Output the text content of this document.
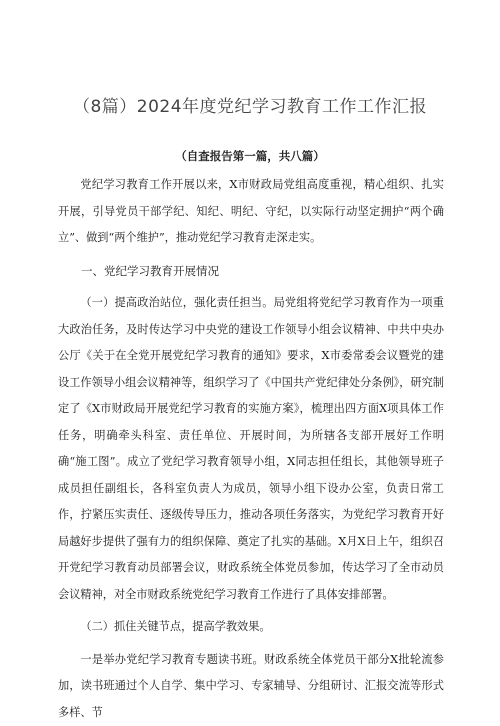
（8篇）2024年度党纪学习教育工作工作汇报
（自查报告第一篇，共八篇）

党纪学习教育工作开展以来，X市财政局党组高度重视，精心组织、扎实开展，引导党员干部学纪、知纪、明纪、守纪，以实际行动坚定拥护“两个确立”、做到“两个维护”，推动党纪学习教育走深走实。

一、党纪学习教育开展情况

（一）提高政治站位，强化责任担当。局党组将党纪学习教育作为一项重大政治任务，及时传达学习中央党的建设工作领导小组会议精神、中共中央办公厅《关于在全党开展党纪学习教育的通知》要求，X市委常委会议暨党的建设工作领导小组会议精神等，组织学习了《中国共产党纪律处分条例》，研究制定了《X市财政局开展党纪学习教育的实施方案》，梳理出四方面X项具体工作任务，明确牵头科室、责任单位、开展时间，为所辖各支部开展好工作明确“施工图”。成立了党纪学习教育领导小组，X同志担任组长，其他领导班子成员担任副组长，各科室负责人为成员，领导小组下设办公室，负责日常工作，拧紧压实责任、逐级传导压力，推动各项任务落实，为党纪学习教育开好局越好步提供了强有力的组织保障、奠定了扎实的基础。X月X日上午，组织召开党纪学习教育动员部署会议，财政系统全体党员参加，传达学习了全市动员会议精神，对全市财政系统党纪学习教育工作进行了具体安排部署。

（二）抓住关键节点，提高学教效果。

一是举办党纪学习教育专题读书班。财政系统全体党员干部分X批轮流参加，读书班通过个人自学、集中学习、专家辅导、分组研讨、汇报交流等形式多样、节
